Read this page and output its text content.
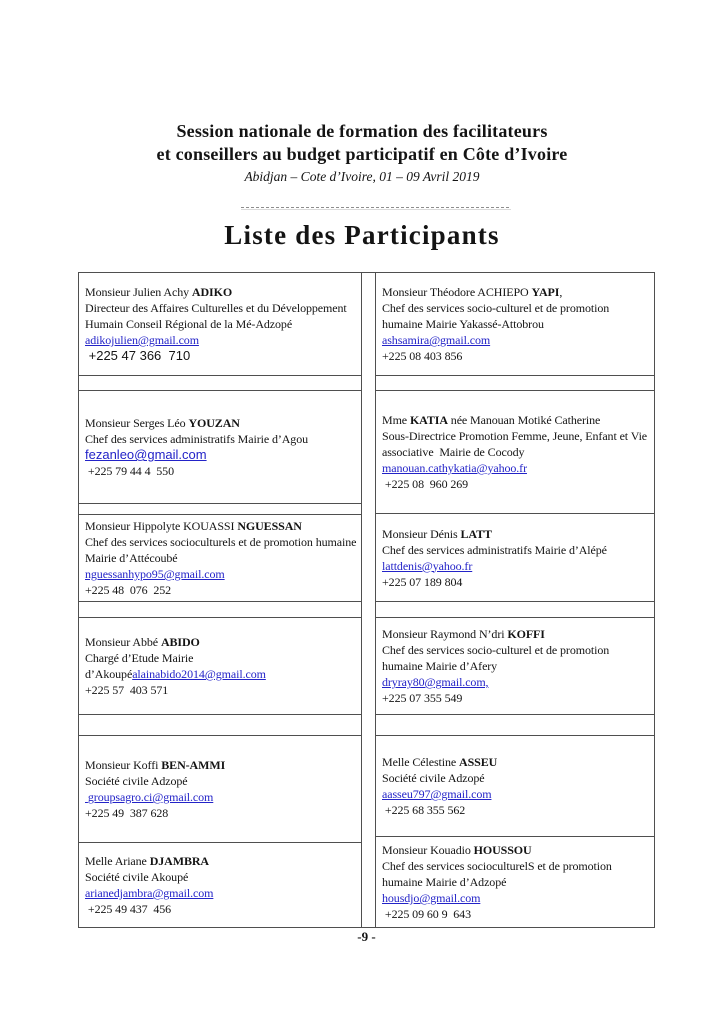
Session nationale de formation des facilitateurs
et conseillers au budget participatif en Côte d’Ivoire
Abidjan – Cote d’Ivoire, 01 – 09 Avril 2019
Liste des Participants
Monsieur Julien Achy ADIKO
Directeur des Affaires Culturelles et du Développement Humain Conseil Régional de la Mé-Adzopé
adikojulien@gmail.com
+225 47 366  710
Monsieur Serges Léo YOUZAN
Chef des services administratifs Mairie d’Agou
fezanleo@gmail.com
+225 79 44 4  550
Monsieur Hippolyte KOUASSI NGUESSAN
Chef des services socioculturels et de promotion humaine Mairie d’Attécoubé
nguessanhypo95@gmail.com
+225 48  076  252
Monsieur Abbé ABIDO
Chargé d’Etude Mairie
d’Akoupéalainabido2014@gmail.com
+225 57  403 571
Monsieur Koffi BEN-AMMI
Société civile Adzopé
groupsagro.ci@gmail.com
+225 49  387 628
Melle Ariane DJAMBRA
Société civile Akoupé
arianedjambra@gmail.com
+225 49 437  456
Monsieur Théodore ACHIEPO YAPI,
Chef des services socio-culturel et de promotion humaine Mairie Yakassé-Attobrou
ashsamira@gmail.com
+225 08 403 856
Mme KATIA née Manouan Motiké Catherine
Sous-Directrice Promotion Femme, Jeune, Enfant et Vie associative  Mairie de Cocody
manouan.cathykatia@yahoo.fr
+225 08  960 269
Monsieur Dénis LATT
Chef des services administratifs Mairie d’Alépé
lattdenis@yahoo.fr
+225 07 189 804
Monsieur Raymond N’dri KOFFI
Chef des services socio-culturel et de promotion humaine Mairie d’Afery
dryray80@gmail.com,
+225 07 355 549
Melle Célestine ASSEU
Société civile Adzopé
aasseu797@gmail.com
+225 68 355 562
Monsieur Kouadio HOUSSOU
Chef des services socioculturelS et de promotion humaine Mairie d’Adzopé
housdjo@gmail.com
+225 09 60 9  643
-9 -
